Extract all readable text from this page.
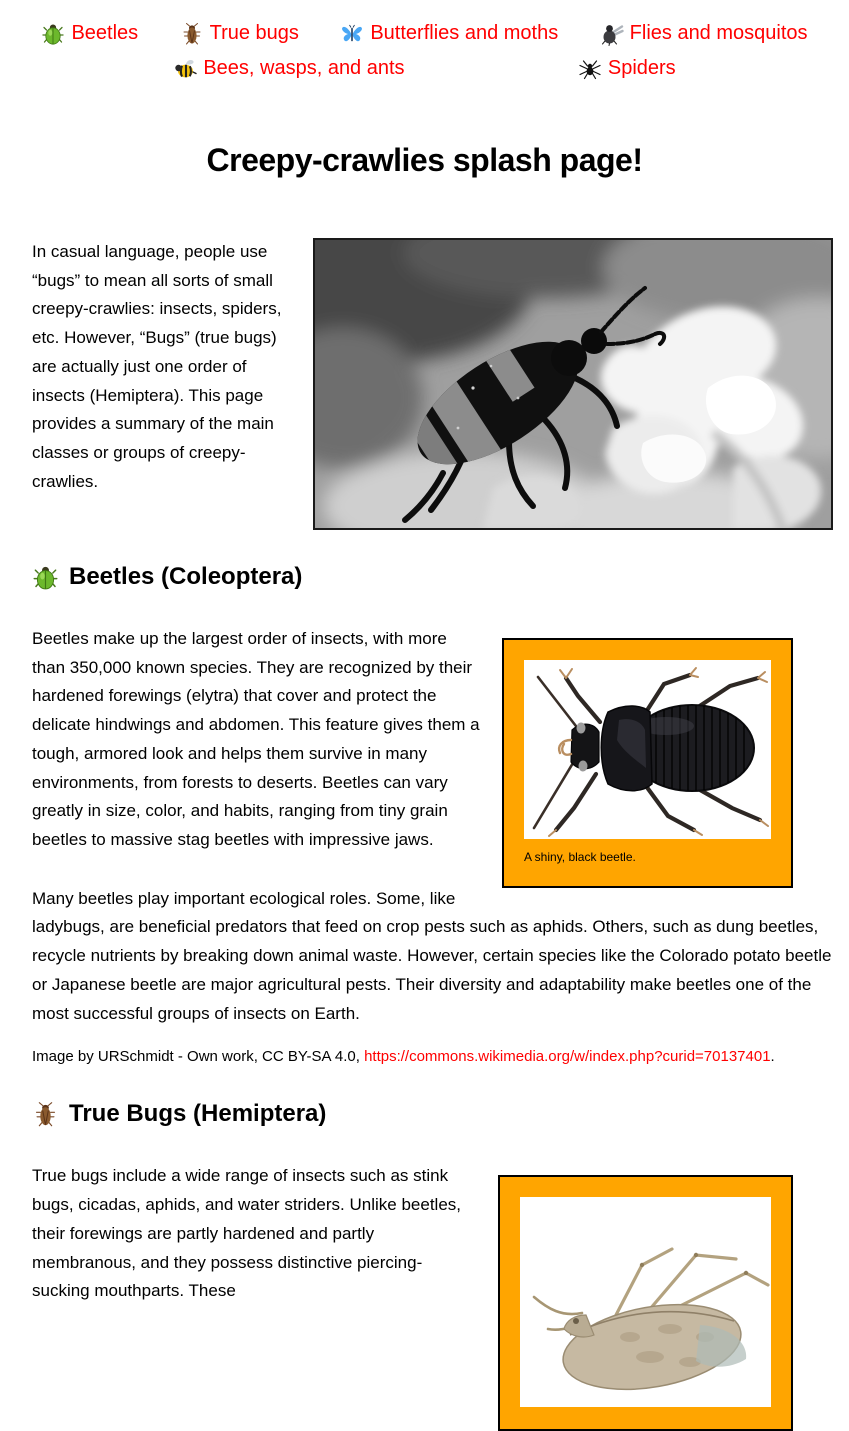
Beetles	True bugs	Butterflies and moths	Flies and mosquitos
Bees, wasps, and ants	Spiders
Creepy-crawlies splash page!

In casual language, people use “bugs” to mean all sorts of small creepy-crawlies: insects, spiders, etc. However, “Bugs” (true bugs) are actually just one order of insects (Hemiptera). This page provides a summary of the main classes or groups of creepy-crawlies.

Beetles (Coleoptera)
A shiny, black beetle.

Beetles make up the largest order of insects, with more than 350,000 known species. They are recognized by their hardened forewings (elytra) that cover and protect the delicate hindwings and abdomen. This feature gives them a tough, armored look and helps them survive in many environments, from forests to deserts. Beetles can vary greatly in size, color, and habits, ranging from tiny grain beetles to massive stag beetles with impressive jaws.

Many beetles play important ecological roles. Some, like ladybugs, are beneficial predators that feed on crop pests such as aphids. Others, such as dung beetles, recycle nutrients by breaking down animal waste. However, certain species like the Colorado potato beetle or Japanese beetle are major agricultural pests. Their diversity and adaptability make beetles one of the most successful groups of insects on Earth.

Image by URSchmidt - Own work, CC BY-SA 4.0, https://commons.wikimedia.org/w/index.php?curid=70137401.

True Bugs (Hemiptera)

True bugs include a wide range of insects such as stink bugs, cicadas, aphids, and water striders. Unlike beetles, their forewings are partly hardened and partly membranous, and they possess distinctive piercing-sucking mouthparts. These
